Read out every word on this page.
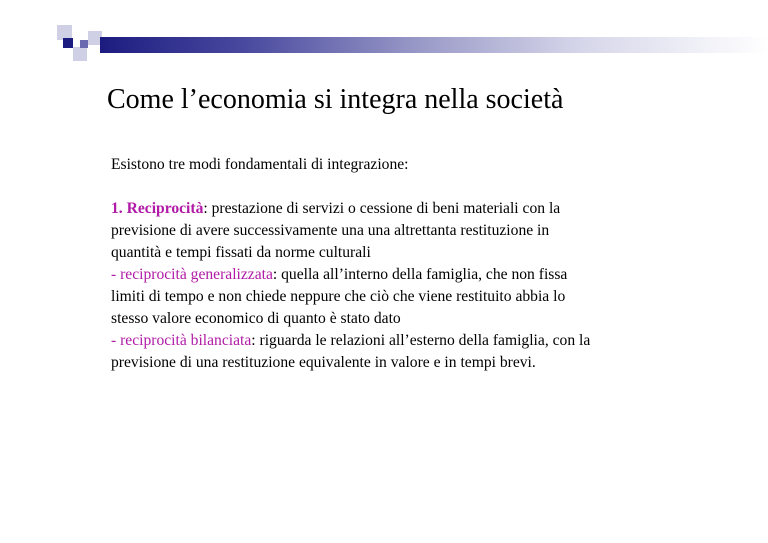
Come l’economia si integra nella società

Esistono tre modi fondamentali di integrazione:

1. Reciprocità: prestazione di servizi o cessione di beni materiali con la

previsione di avere successivamente una una altrettanta restituzione in

quantità e tempi fissati da norme culturali

- reciprocità generalizzata: quella all’interno della famiglia, che non fissa

limiti di tempo e non chiede neppure che ciò che viene restituito abbia lo

stesso valore economico di quanto è stato dato

- reciprocità bilanciata: riguarda le relazioni all’esterno della famiglia, con la

previsione di una restituzione equivalente in valore e in tempi brevi.
